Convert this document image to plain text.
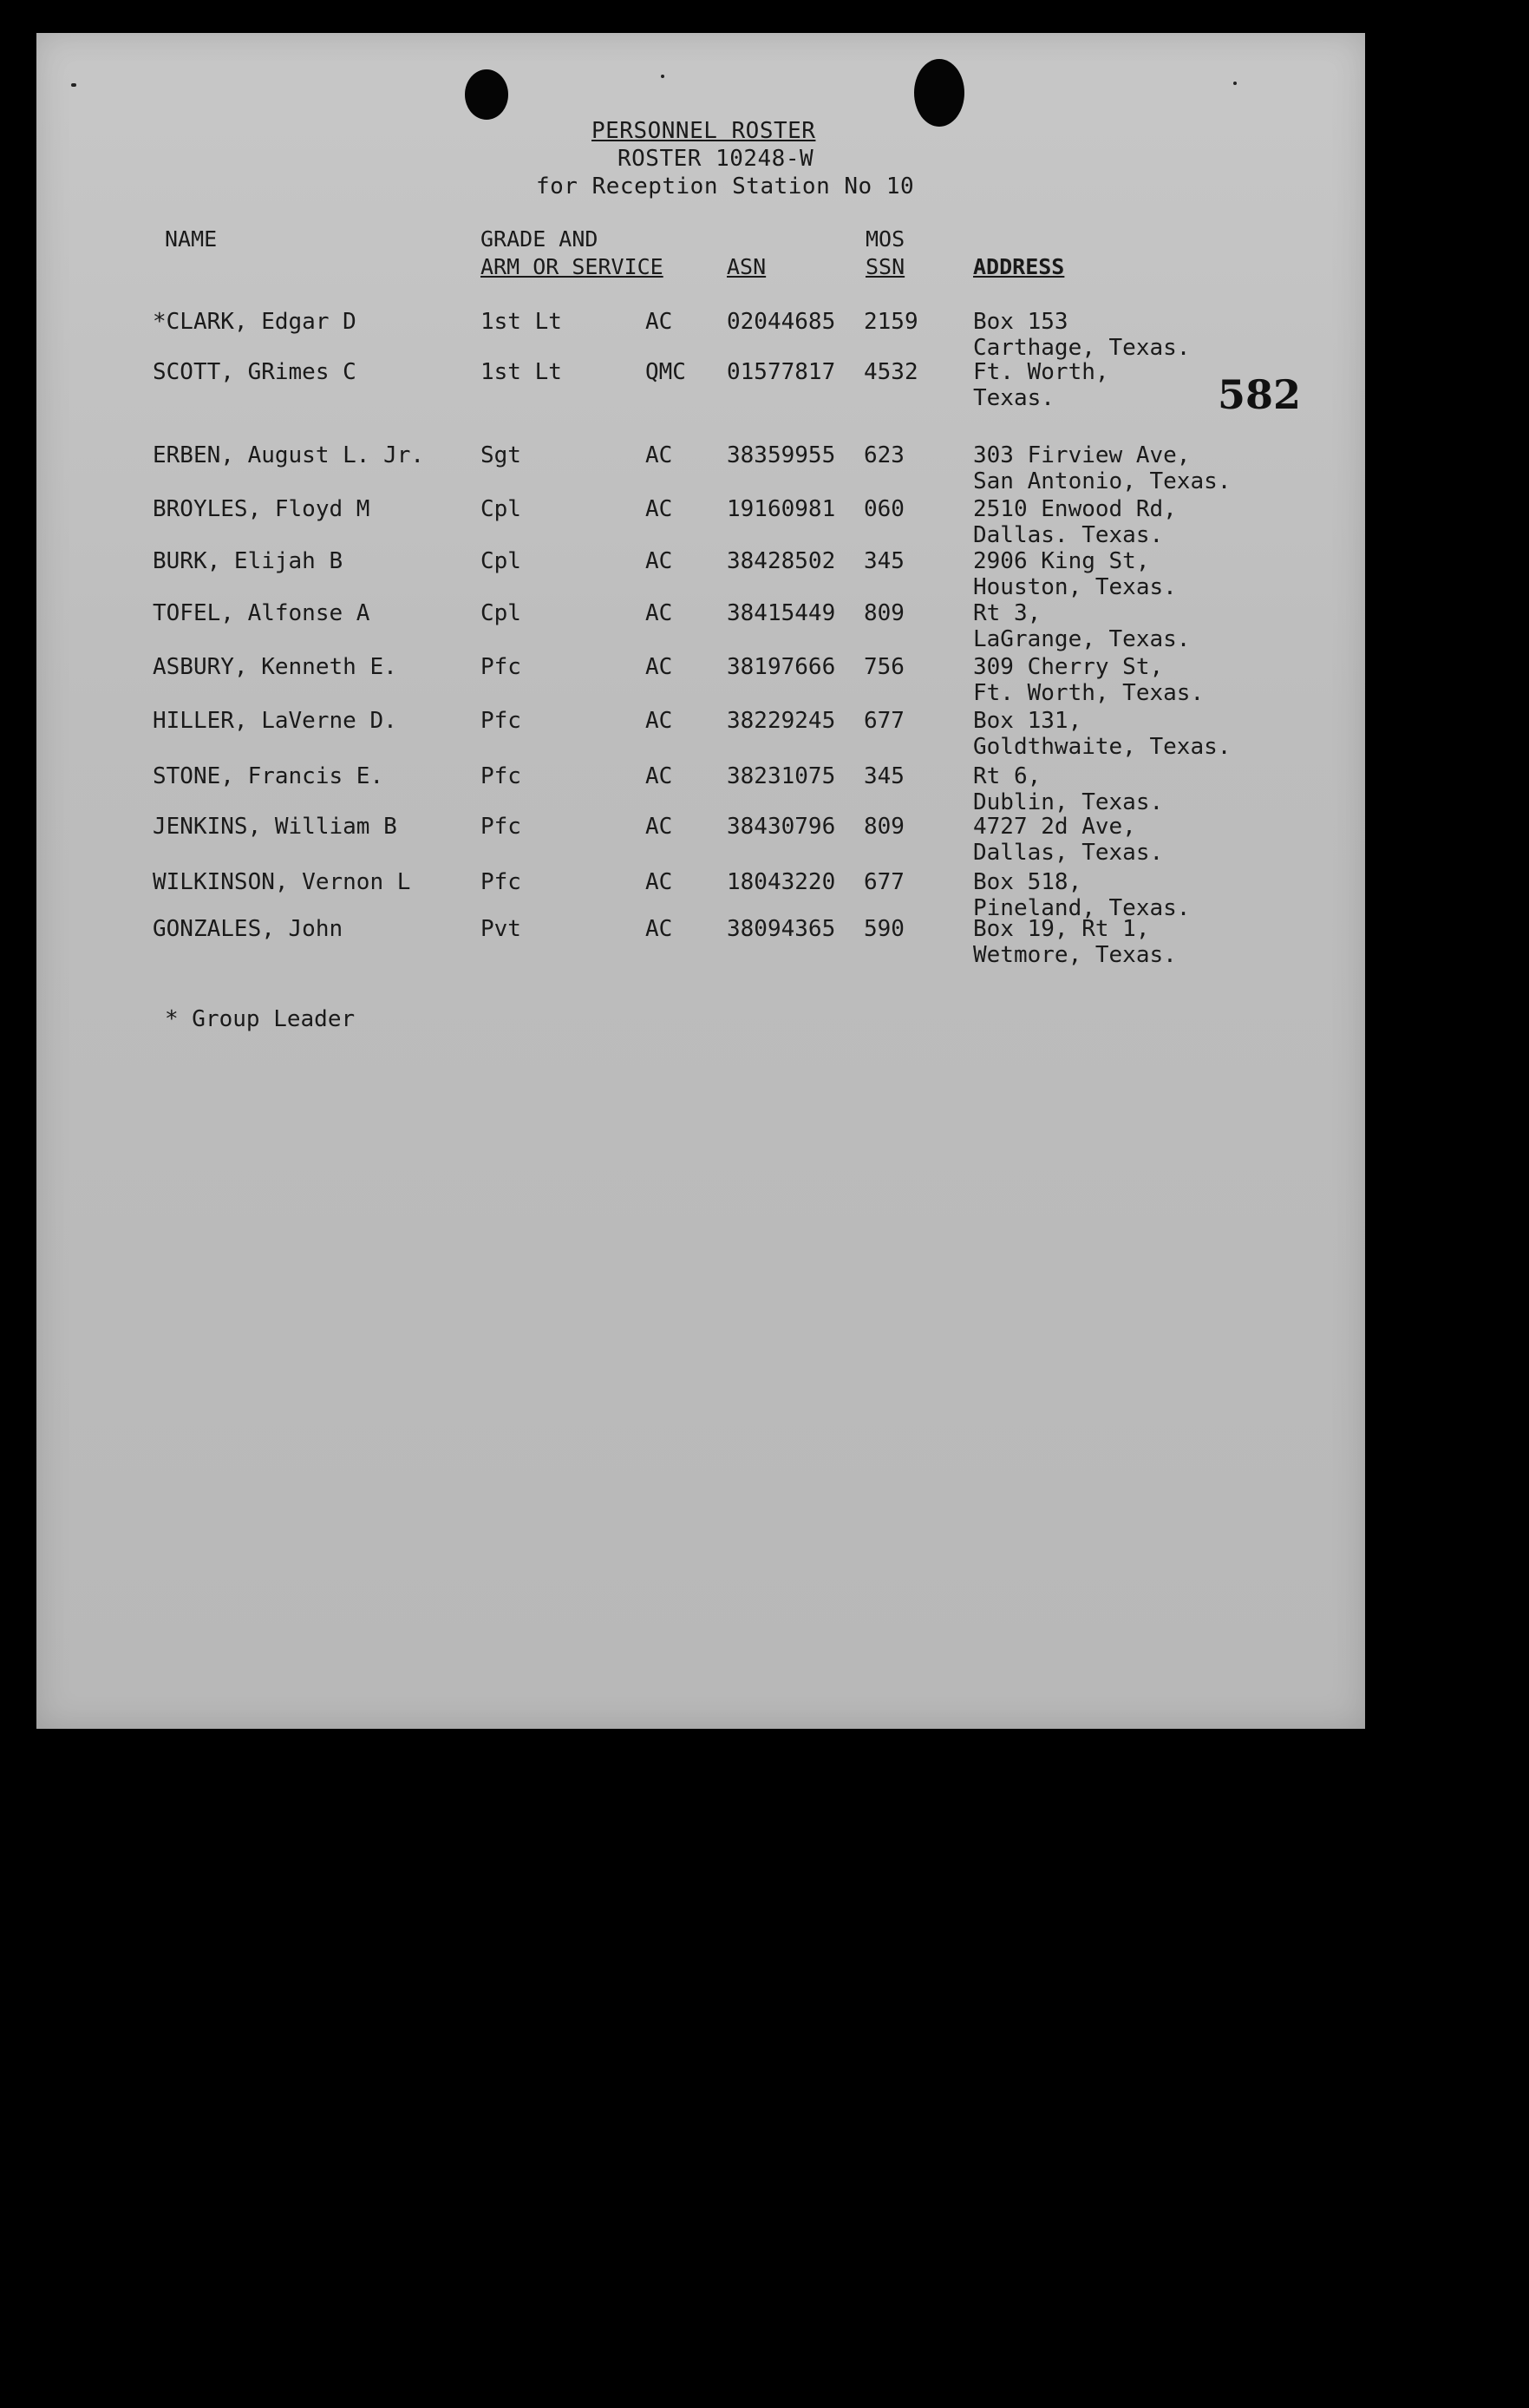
PERSONNEL ROSTER
ROSTER 10248-W
for Reception Station No 10
NAME	GRADE AND
ARM OR SERVICE	ASN
MOS
SSN	ADDRESS
582
*CLARK, Edgar D	1st Lt	AC 02044685 2159 Box 153
Carthage, Texas.
SCOTT, GRimes C	1st Lt	QMC 01577817 4532 Ft. Worth,
Texas.
ERBEN, August L. Jr. Sgt	AC 38359955 623	303 Firview Ave,
San Antonio, Texas.
BROYLES, Floyd M	Cpl	AC 19160981 060	2510 Enwood Rd,
Dallas. Texas.
BURK, Elijah B	Cpl	AC 38428502 345	2906 King St,
Houston, Texas.
TOFEL, Alfonse A	Cpl	AC 38415449 809	Rt 3,
LaGrange, Texas.
ASBURY, Kenneth E.	Pfc	AC 38197666 756	309 Cherry St,
Ft. Worth, Texas.
HILLER, LaVerne D.	Pfc	AC 38229245 677	Box 131,
Goldthwaite, Texas.
STONE, Francis E.	Pfc	AC 38231075 345	Rt 6,
Dublin, Texas.
JENKINS, William B	Pfc	AC 38430796 809	4727 2d Ave,
Dallas, Texas.
WILKINSON, Vernon L	Pfc	AC 18043220 677	Box 518,
Pineland, Texas.
GONZALES, John	Pvt	AC 38094365 590	Box 19, Rt 1,
Wetmore, Texas.
* Group Leader
